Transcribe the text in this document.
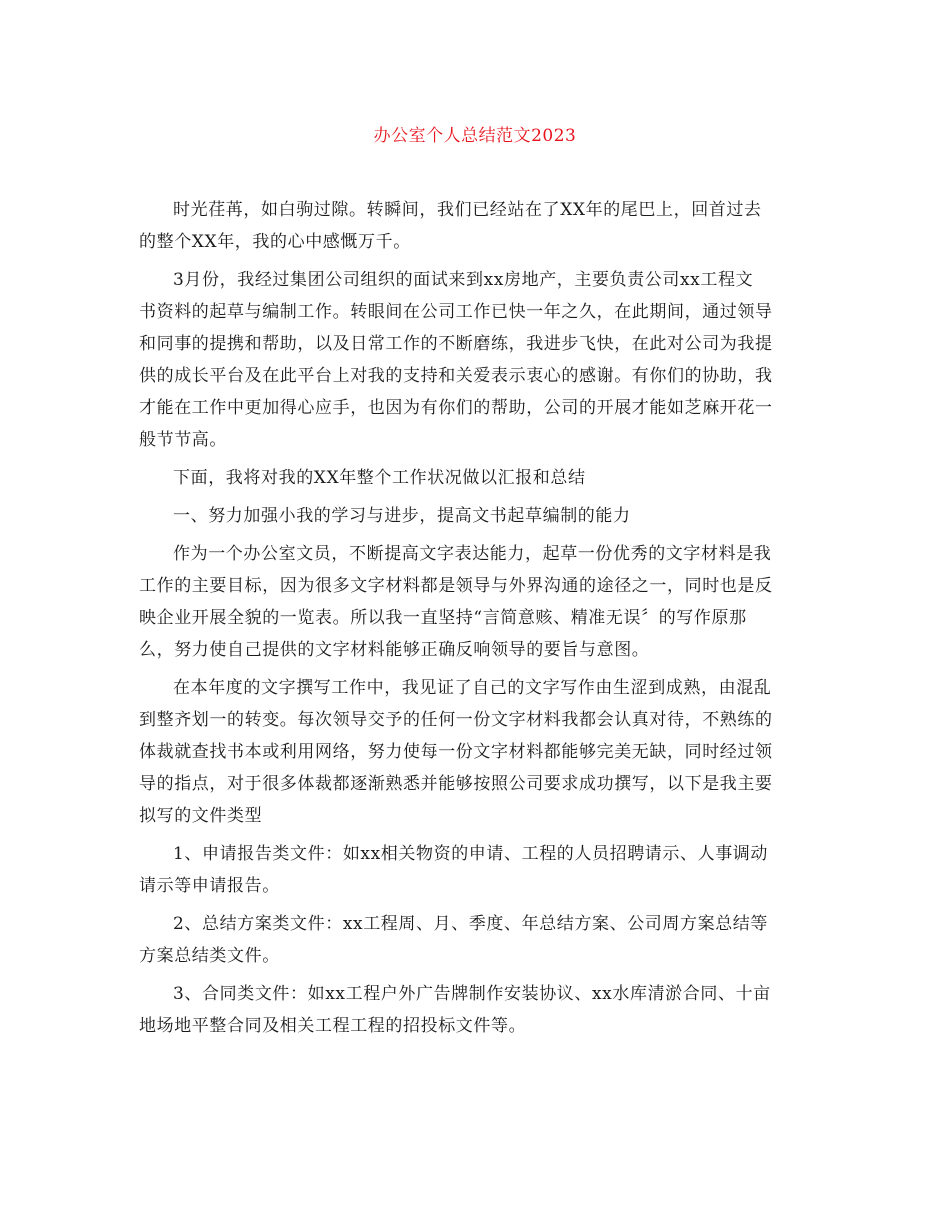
办公室个人总结范文2023
时光荏苒，如白驹过隙。转瞬间，我们已经站在了XX年的尾巴上，回首过去
的整个XX年，我的心中感慨万千。
3月份，我经过集团公司组织的面试来到xx房地产，主要负责公司xx工程文
书资料的起草与编制工作。转眼间在公司工作已快一年之久，在此期间，通过领导
和同事的提携和帮助，以及日常工作的不断磨练，我进步飞快，在此对公司为我提
供的成长平台及在此平台上对我的支持和关爱表示衷心的感谢。有你们的协助，我
才能在工作中更加得心应手，也因为有你们的帮助，公司的开展才能如芝麻开花一
般节节高。
下面，我将对我的XX年整个工作状况做以汇报和总结
一、努力加强小我的学习与进步，提高文书起草编制的能力
作为一个办公室文员，不断提高文字表达能力，起草一份优秀的文字材料是我
工作的主要目标，因为很多文字材料都是领导与外界沟通的途径之一，同时也是反
映企业开展全貌的一览表。所以我一直坚持“言简意赅、精准无误〞的写作原那
么，努力使自己提供的文字材料能够正确反响领导的要旨与意图。
在本年度的文字撰写工作中，我见证了自己的文字写作由生涩到成熟，由混乱
到整齐划一的转变。每次领导交予的任何一份文字材料我都会认真对待，不熟练的
体裁就查找书本或利用网络，努力使每一份文字材料都能够完美无缺，同时经过领
导的指点，对于很多体裁都逐渐熟悉并能够按照公司要求成功撰写，以下是我主要
拟写的文件类型
1、申请报告类文件：如xx相关物资的申请、工程的人员招聘请示、人事调动
请示等申请报告。
2、总结方案类文件：xx工程周、月、季度、年总结方案、公司周方案总结等
方案总结类文件。
3、合同类文件：如xx工程户外广告牌制作安装协议、xx水库清淤合同、十亩
地场地平整合同及相关工程工程的招投标文件等。
